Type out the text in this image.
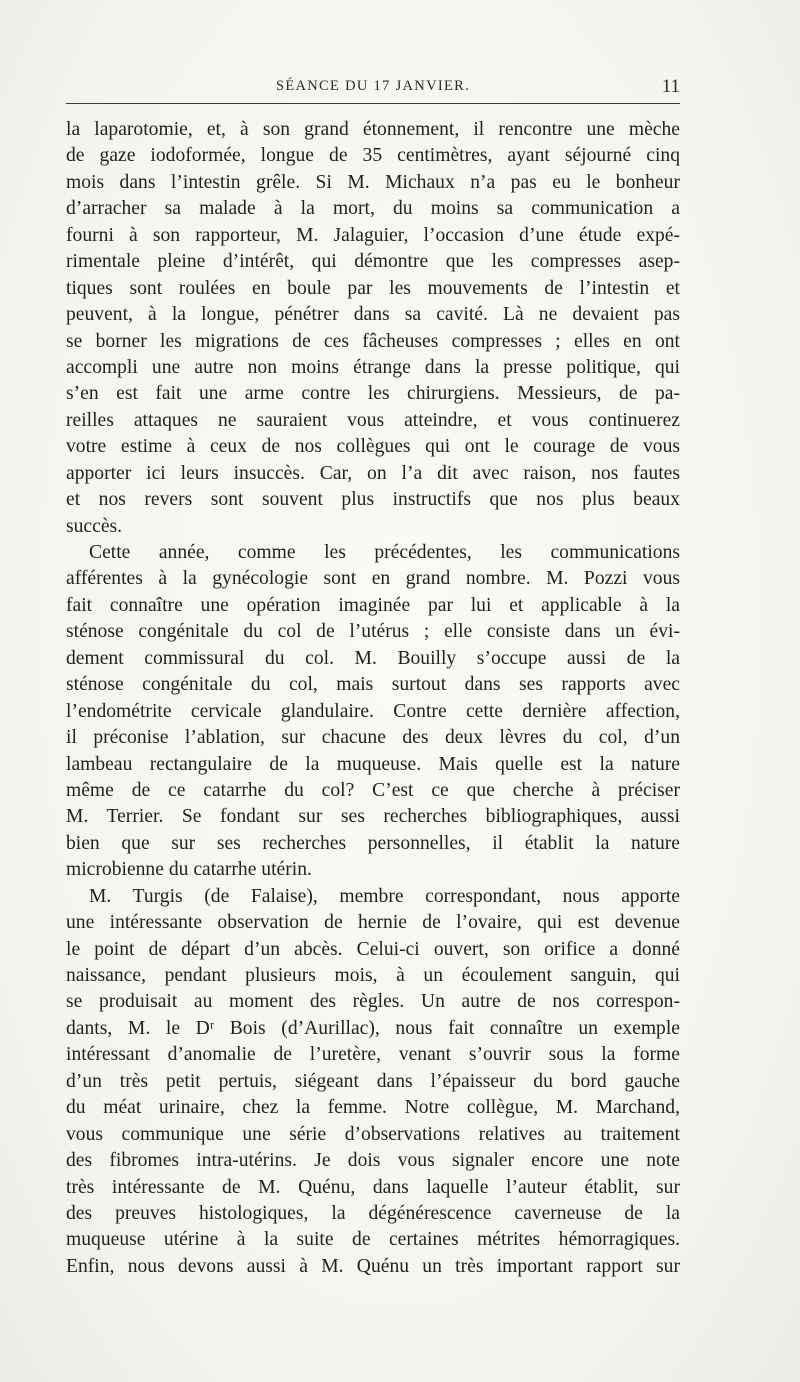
SÉANCE DU 17 JANVIER.	11

la laparotomie, et, à son grand étonnement, il rencontre une mèche

de gaze iodoformée, longue de 35 centimètres, ayant séjourné cinq

mois dans l’intestin grêle. Si M. Michaux n’a pas eu le bonheur

d’arracher sa malade à la mort, du moins sa communication a

fourni à son rapporteur, M. Jalaguier, l’occasion d’une étude expé-

rimentale pleine d’intérêt, qui démontre que les compresses asep-

tiques sont roulées en boule par les mouvements de l’intestin et

peuvent, à la longue, pénétrer dans sa cavité. Là ne devaient pas

se borner les migrations de ces fâcheuses compresses ; elles en ont

accompli une autre non moins étrange dans la presse politique, qui

s’en est fait une arme contre les chirurgiens. Messieurs, de pa-

reilles attaques ne sauraient vous atteindre, et vous continuerez

votre estime à ceux de nos collègues qui ont le courage de vous

apporter ici leurs insuccès. Car, on l’a dit avec raison, nos fautes

et nos revers sont souvent plus instructifs que nos plus beaux

succès.

Cette année, comme les précédentes, les communications

afférentes à la gynécologie sont en grand nombre. M. Pozzi vous

fait connaître une opération imaginée par lui et applicable à la

sténose congénitale du col de l’utérus ; elle consiste dans un évi-

dement commissural du col. M. Bouilly s’occupe aussi de la

sténose congénitale du col, mais surtout dans ses rapports avec

l’endométrite cervicale glandulaire. Contre cette dernière affection,

il préconise l’ablation, sur chacune des deux lèvres du col, d’un

lambeau rectangulaire de la muqueuse. Mais quelle est la nature

même de ce catarrhe du col? C’est ce que cherche à préciser

M. Terrier. Se fondant sur ses recherches bibliographiques, aussi

bien que sur ses recherches personnelles, il établit la nature

microbienne du catarrhe utérin.

M. Turgis (de Falaise), membre correspondant, nous apporte

une intéressante observation de hernie de l’ovaire, qui est devenue

le point de départ d’un abcès. Celui-ci ouvert, son orifice a donné

naissance, pendant plusieurs mois, à un écoulement sanguin, qui

se produisait au moment des règles. Un autre de nos correspon-

dants, M. le Dʳ Bois (d’Aurillac), nous fait connaître un exemple

intéressant d’anomalie de l’uretère, venant s’ouvrir sous la forme

d’un très petit pertuis, siégeant dans l’épaisseur du bord gauche

du méat urinaire, chez la femme. Notre collègue, M. Marchand,

vous communique une série d’observations relatives au traitement

des fibromes intra-utérins. Je dois vous signaler encore une note

très intéressante de M. Quénu, dans laquelle l’auteur établit, sur

des preuves histologiques, la dégénérescence caverneuse de la

muqueuse utérine à la suite de certaines métrites hémorragiques.

Enfin, nous devons aussi à M. Quénu un très important rapport sur
